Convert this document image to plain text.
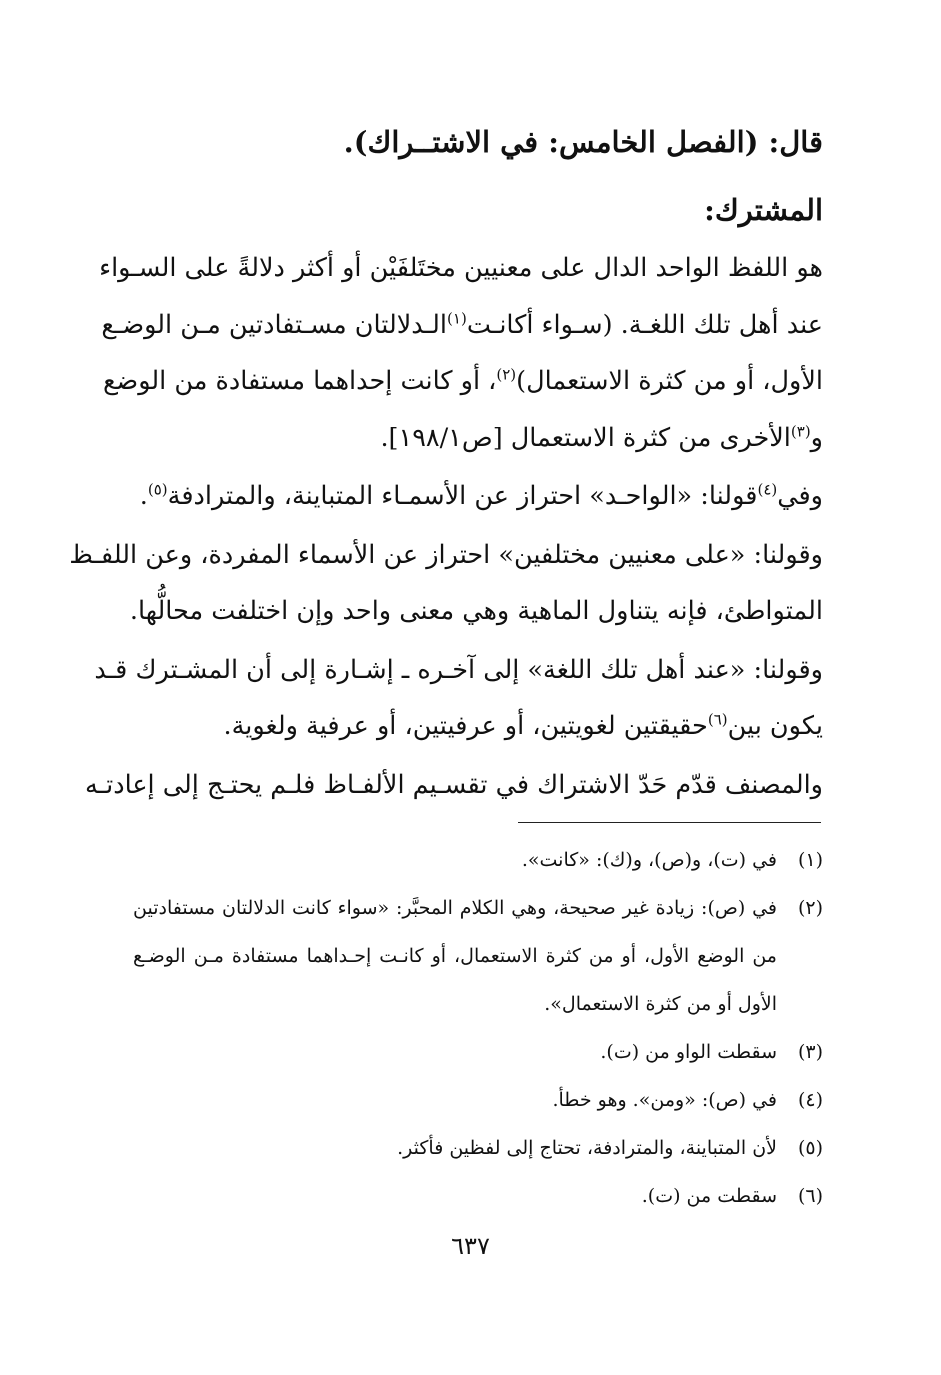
قال: (الفصل الخامس: في الاشتــراك).

المشترك:

هو اللفظ الواحد الدال على معنيين مختَلفَيْن أو أكثر دلالةً على السـواء
عند أهل تلك اللغـة. (سـواء أكانـت$^{(١)}$الـدلالتان مسـتفادتين مـن الوضـع
الأول، أو من كثرة الاستعمال)$^{(٢)}$، أو كانت إحداهما مستفادة من الوضع
و$^{(٣)}$الأخرى من كثرة الاستعمال [ص١٩٨/١].

وفي$^{(٤)}$قولنا: «الواحـد» احتراز عن الأسمـاء المتباينة، والمترادفة$^{(٥)}$.

وقولنا: «على معنيين مختلفين» احتراز عن الأسماء المفردة، وعن اللفـظ
المتواطئ، فإنه يتناول الماهية وهي معنى واحد وإن اختلفت محالُّها.

وقولنا: «عند أهل تلك اللغة» إلى آخـره ـ إشـارة إلى أن المشـترك قـد
يكون بين$^{(٦)}$حقيقتين لغويتين، أو عرفيتين، أو عرفية ولغوية.

والمصنف قدّم حَدّ الاشتراك في تقسـيم الألفـاظ فلـم يحتـج إلى إعادتـه

(١)
في (ت)، و(ص)، و(ك): «كانت».
(٢)
في (ص): زيادة غير صحيحة، وهي الكلام المحبَّر: «سواء كانت الدلالتان مستفادتين
من الوضع الأول، أو من كثرة الاستعمال، أو كانـت إحـداهما مستفادة مـن الوضـع
الأول أو من كثرة الاستعمال».
(٣)
سقطت الواو من (ت).
(٤)
في (ص): «ومن». وهو خطأ.
(٥)
لأن المتباينة، والمترادفة، تحتاج إلى لفظين فأكثر.
(٦)
سقطت من (ت).
٦٣٧
